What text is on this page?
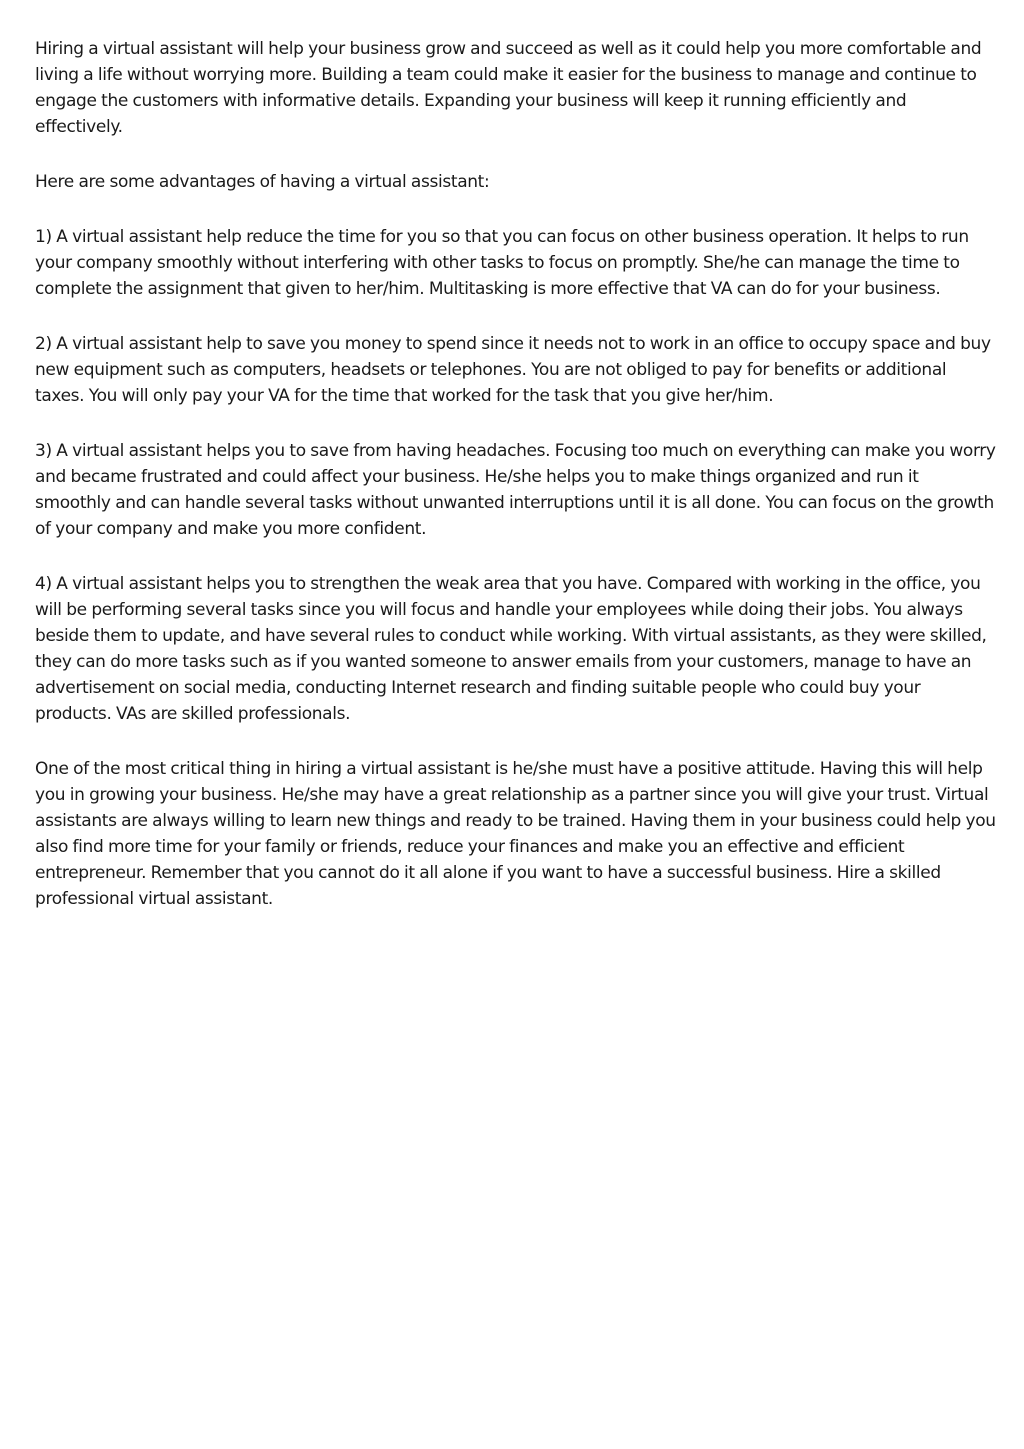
Hiring a virtual assistant will help your business grow and succeed as well as it could help you more comfortable and living a life without worrying more. Building a team could make it easier for the business to manage and continue to engage the customers with informative details. Expanding your business will keep it running efficiently and effectively.

Here are some advantages of having a virtual assistant:

1) A virtual assistant help reduce the time for you so that you can focus on other business operation. It helps to run your company smoothly without interfering with other tasks to focus on promptly. She/he can manage the time to complete the assignment that given to her/him. Multitasking is more effective that VA can do for your business.

2) A virtual assistant help to save you money to spend since it needs not to work in an office to occupy space and buy new equipment such as computers, headsets or telephones. You are not obliged to pay for benefits or additional taxes. You will only pay your VA for the time that worked for the task that you give her/him.

3) A virtual assistant helps you to save from having headaches. Focusing too much on everything can make you worry and became frustrated and could affect your business. He/she helps you to make things organized and run it smoothly and can handle several tasks without unwanted interruptions until it is all done. You can focus on the growth of your company and make you more confident.

4) A virtual assistant helps you to strengthen the weak area that you have. Compared with working in the office, you will be performing several tasks since you will focus and handle your employees while doing their jobs. You always beside them to update, and have several rules to conduct while working. With virtual assistants, as they were skilled, they can do more tasks such as if you wanted someone to answer emails from your customers, manage to have an advertisement on social media, conducting Internet research and finding suitable people who could buy your products. VAs are skilled professionals.

One of the most critical thing in hiring a virtual assistant is he/she must have a positive attitude. Having this will help you in growing your business. He/she may have a great relationship as a partner since you will give your trust. Virtual assistants are always willing to learn new things and ready to be trained. Having them in your business could help you also find more time for your family or friends, reduce your finances and make you an effective and efficient entrepreneur. Remember that you cannot do it all alone if you want to have a successful business. Hire a skilled professional virtual assistant.
